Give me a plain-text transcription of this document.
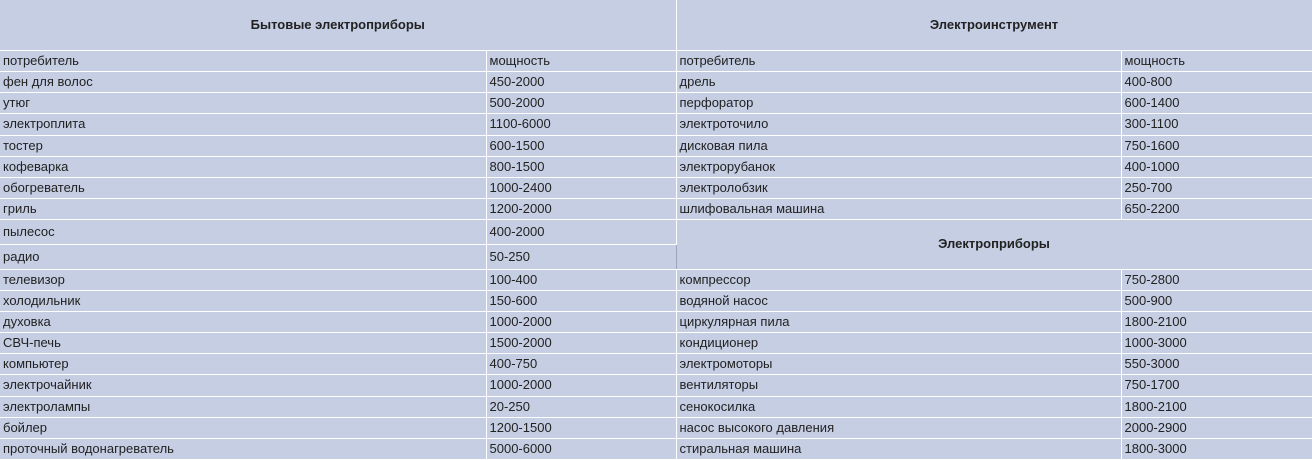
Бытовые электроприборы		Электроинструмент	
потребитель	мощность	потребитель	мощность
фен для волос	450-2000	дрель	400-800
утюг	500-2000	перфоратор	600-1400
электроплита	1100-6000	электроточило	300-1100
тостер	600-1500	дисковая пила	750-1600
кофеварка	800-1500	электрорубанок	400-1000
обогреватель	1000-2400	электролобзик	250-700
гриль	1200-2000	шлифовальная машина	650-2200
пылесос	400-2000	Электроприборы	
радио	50-250		
телевизор	100-400	компрессор	750-2800
холодильник	150-600	водяной насос	500-900
духовка	1000-2000	циркулярная пила	1800-2100
СВЧ-печь	1500-2000	кондиционер	1000-3000
компьютер	400-750	электромоторы	550-3000
электрочайник	1000-2000	вентиляторы	750-1700
электролампы	20-250	сенокосилка	1800-2100
бойлер	1200-1500	насос высокого давления	2000-2900
проточный водонагреватель	5000-6000	стиральная машина	1800-3000
